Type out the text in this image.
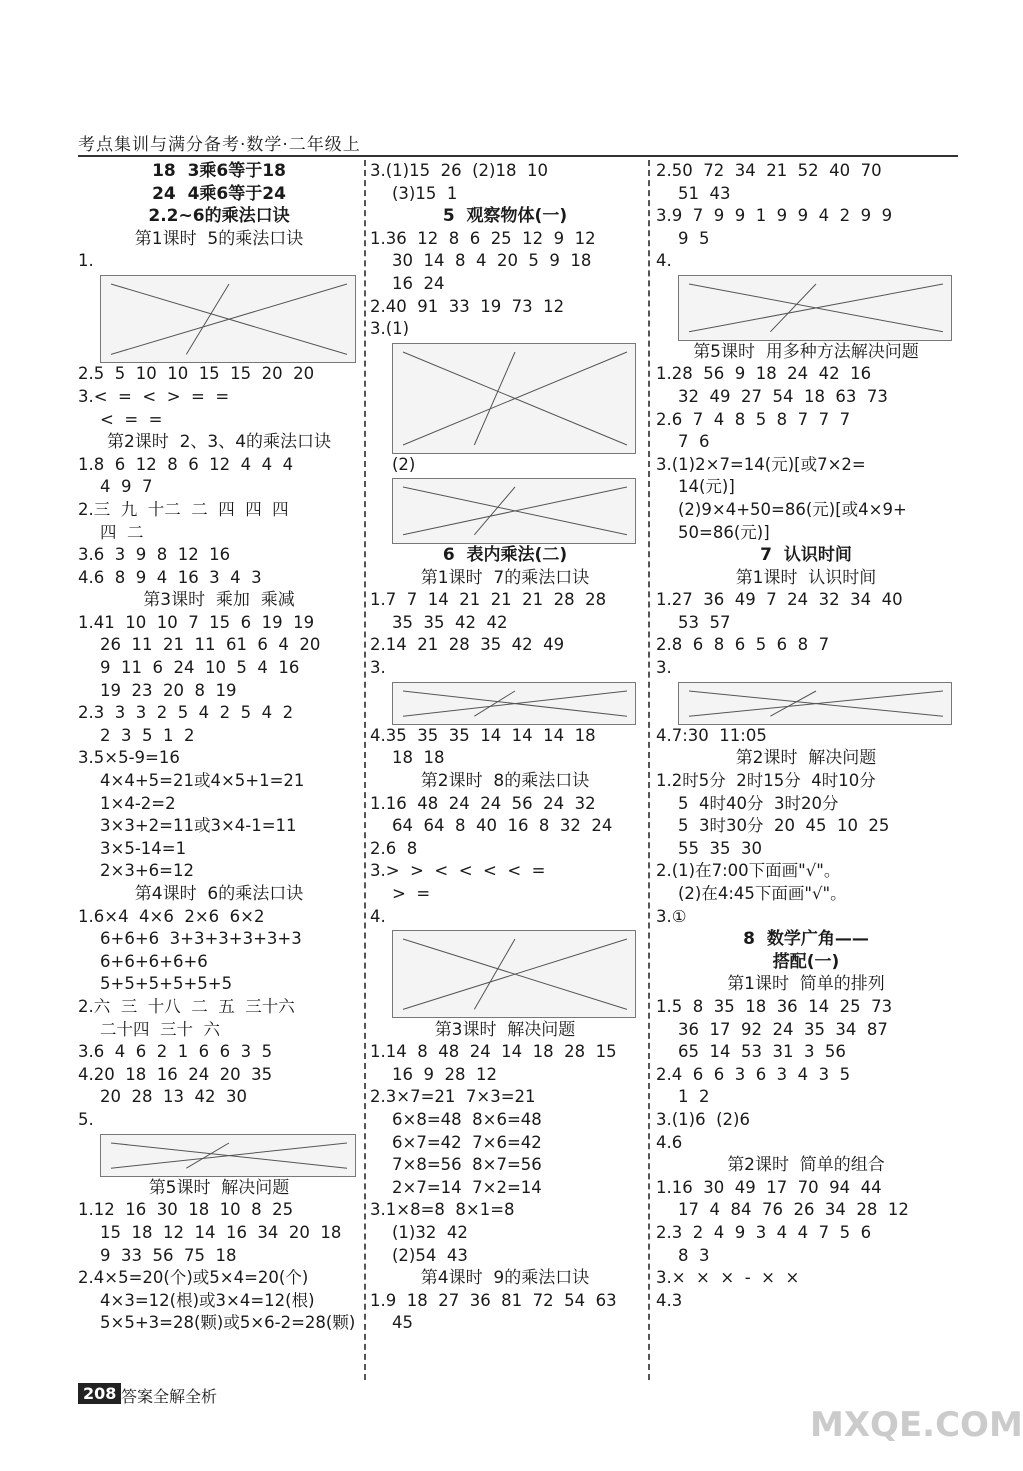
考点集训与满分备考·数学·二年级上
18  3乘6等于18
24  4乘6等于24
2.2~6的乘法口诀
第1课时  5的乘法口诀
1.
2.5  5  10  10  15  15  20  20
3.<  =  <  >  =  =
<  =  =
第2课时  2、3、4的乘法口诀
1.8  6  12  8  6  12  4  4  4
4  9  7
2.三  九  十二  二  四  四  四
四  二
3.6  3  9  8  12  16
4.6  8  9  4  16  3  4  3
第3课时  乘加  乘减
1.41  10  10  7  15  6  19  19
26  11  21  11  61  6  4  20
9  11  6  24  10  5  4  16
19  23  20  8  19
2.3  3  3  2  5  4  2  5  4  2
2  3  5  1  2
3.5×5-9=16
4×4+5=21或4×5+1=21
1×4-2=2
3×3+2=11或3×4-1=11
3×5-14=1
2×3+6=12
第4课时  6的乘法口诀
1.6×4  4×6  2×6  6×2
6+6+6  3+3+3+3+3+3
6+6+6+6+6
5+5+5+5+5+5
2.六  三  十八  二  五  三十六
二十四  三十  六
3.6  4  6  2  1  6  6  3  5
4.20  18  16  24  20  35
20  28  13  42  30
5.
第5课时  解决问题
1.12  16  30  18  10  8  25
15  18  12  14  16  34  20  18
9  33  56  75  18
2.4×5=20(个)或5×4=20(个)
4×3=12(根)或3×4=12(根)
5×5+3=28(颗)或5×6-2=28(颗)
3.(1)15  26  (2)18  10
(3)15  1
5  观察物体(一)
1.36  12  8  6  25  12  9  12
30  14  8  4  20  5  9  18
16  24
2.40  91  33  19  73  12
3.(1)
(2)
6  表内乘法(二)
第1课时  7的乘法口诀
1.7  7  14  21  21  21  28  28
35  35  42  42
2.14  21  28  35  42  49
3.
4.35  35  35  14  14  14  18
18  18
第2课时  8的乘法口诀
1.16  48  24  24  56  24  32
64  64  8  40  16  8  32  24
2.6  8
3.>  >  <  <  <  <  =
>  =
4.
第3课时  解决问题
1.14  8  48  24  14  18  28  15
16  9  28  12
2.3×7=21  7×3=21
6×8=48  8×6=48
6×7=42  7×6=42
7×8=56  8×7=56
2×7=14  7×2=14
3.1×8=8  8×1=8
(1)32  42
(2)54  43
第4课时  9的乘法口诀
1.9  18  27  36  81  72  54  63
45
2.50  72  34  21  52  40  70
51  43
3.9  7  9  9  1  9  9  4  2  9  9
9  5
4.
第5课时  用多种方法解决问题
1.28  56  9  18  24  42  16
32  49  27  54  18  63  73
2.6  7  4  8  5  8  7  7  7
7  6
3.(1)2×7=14(元)[或7×2=
14(元)]
(2)9×4+50=86(元)[或4×9+
50=86(元)]
7  认识时间
第1课时  认识时间
1.27  36  49  7  24  32  34  40
53  57
2.8  6  8  6  5  6  8  7
3.
4.7:30  11:05
第2课时  解决问题
1.2时5分  2时15分  4时10分
5  4时40分  3时20分
5  3时30分  20  45  10  25
55  35  30
2.(1)在7:00下面画"√"。
(2)在4:45下面画"√"。
3.①
8  数学广角——
搭配(一)
第1课时  简单的排列
1.5  8  35  18  36  14  25  73
36  17  92  24  35  34  87
65  14  53  31  3  56
2.4  6  6  3  6  3  4  3  5
1  2
3.(1)6  (2)6
4.6
第2课时  简单的组合
1.16  30  49  17  70  94  44
17  4  84  76  26  34  28  12
2.3  2  4  9  3  4  4  7  5  6
8  3
3.×  ×  ×  -  ×  ×
4.3
208 答案全解全析
MXQE.COM
